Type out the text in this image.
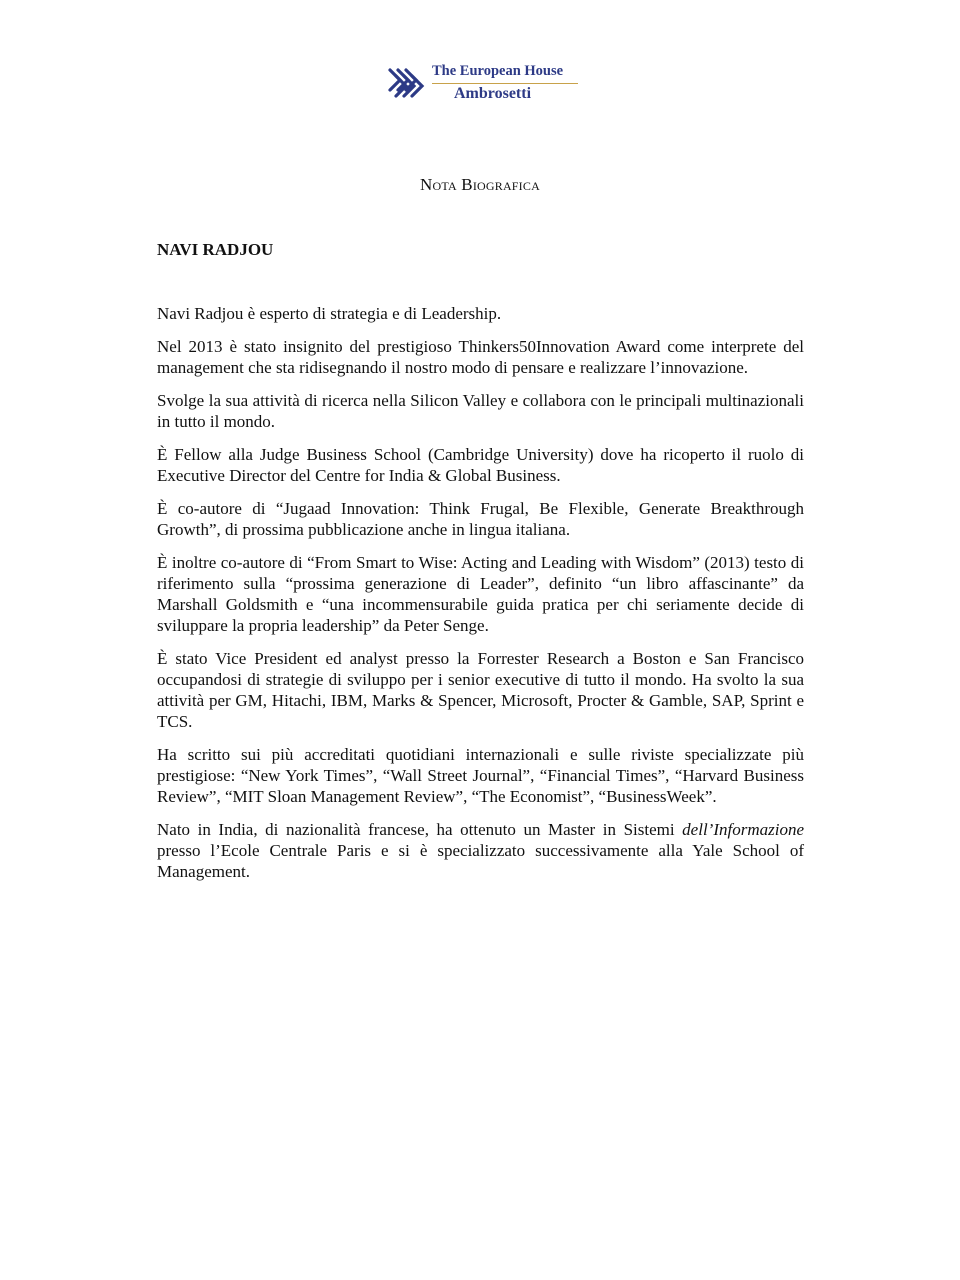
The European House
Ambrosetti
Nota Biografica
NAVI RADJOU

Navi Radjou è esperto di strategia e di Leadership.

Nel 2013 è stato insignito del prestigioso Thinkers50Innovation Award come interprete del management che sta ridisegnando il nostro modo di pensare e realizzare l’innovazione.

Svolge la sua attività di ricerca nella Silicon Valley e collabora con le principali multinazionali in tutto il mondo.

È Fellow alla Judge Business School (Cambridge University) dove ha ricoperto il ruolo di Executive Director del Centre for India & Global Business.

È co-autore di “Jugaad Innovation: Think Frugal, Be Flexible, Generate Breakthrough Growth”, di prossima pubblicazione anche in lingua italiana.

È inoltre co-autore di “From Smart to Wise: Acting and Leading with Wisdom” (2013) testo di riferimento sulla “prossima generazione di Leader”, definito “un libro affascinante” da Marshall Goldsmith e “una incommensurabile guida pratica per chi seriamente decide di sviluppare la propria leadership” da Peter Senge.

È stato Vice President ed analyst presso la Forrester Research a Boston e San Francisco occupandosi di strategie di sviluppo per i senior executive di tutto il mondo. Ha svolto la sua attività per GM, Hitachi, IBM, Marks & Spencer, Microsoft, Procter & Gamble, SAP, Sprint e TCS.

Ha scritto sui più accreditati quotidiani internazionali e sulle riviste specializzate più prestigiose: “New York Times”, “Wall Street Journal”, “Financial Times”, “Harvard Business Review”, “MIT Sloan Management Review”, “The Economist”, “BusinessWeek”.

Nato in India, di nazionalità francese, ha ottenuto un Master in Sistemi dell’Informazione presso l’Ecole Centrale Paris e si è specializzato successivamente alla Yale School of Management.
